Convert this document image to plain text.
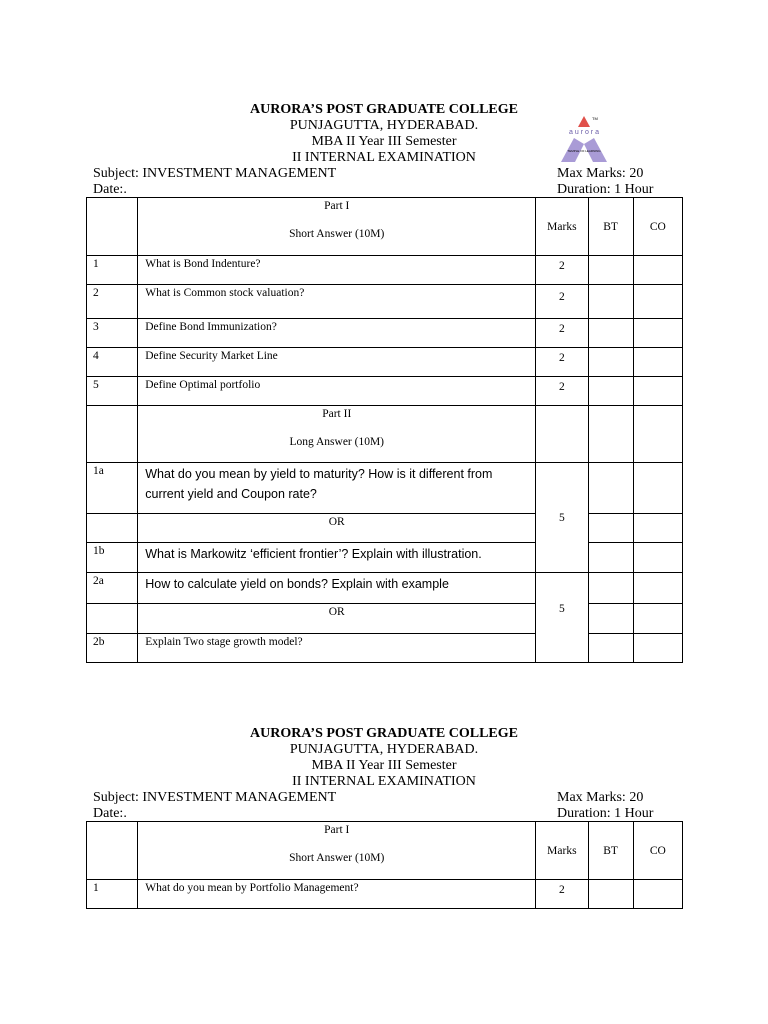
AURORA’S POST GRADUATE COLLEGE
PUNJAGUTTA, HYDERABAD.
MBA II Year III Semester
II INTERNAL EXAMINATION
TM
a u r o r a
TEMPLE OF LEARNING
Subject: INVESTMENT MANAGEMENT
Date:.
Max Marks: 20
Duration: 1 Hour

	Part I
Short Answer (10M)	Marks	BT	CO
1	What is Bond Indenture?	2		
2	What is Common stock valuation?	2		
3	Define Bond Immunization?	2		
4	Define Security Market Line	2		
5	Define Optimal portfolio	2		

	Part II
Long Answer (10M)			

1a	What do you mean by yield to maturity? How is it different from current yield and Coupon rate?	5		
	OR			
1b	What is Markowitz ‘efficient frontier’? Explain with illustration.			
2a	How to calculate yield on bonds? Explain with example	5		
	OR			
2b	Explain Two stage growth model?			
AURORA’S POST GRADUATE COLLEGE
PUNJAGUTTA, HYDERABAD.
MBA II Year III Semester
II INTERNAL EXAMINATION
Subject: INVESTMENT MANAGEMENT
Date:.
Max Marks: 20
Duration: 1 Hour

	Part I
Short Answer (10M)	Marks	BT	CO
1	What do you mean by Portfolio Management?	2		
